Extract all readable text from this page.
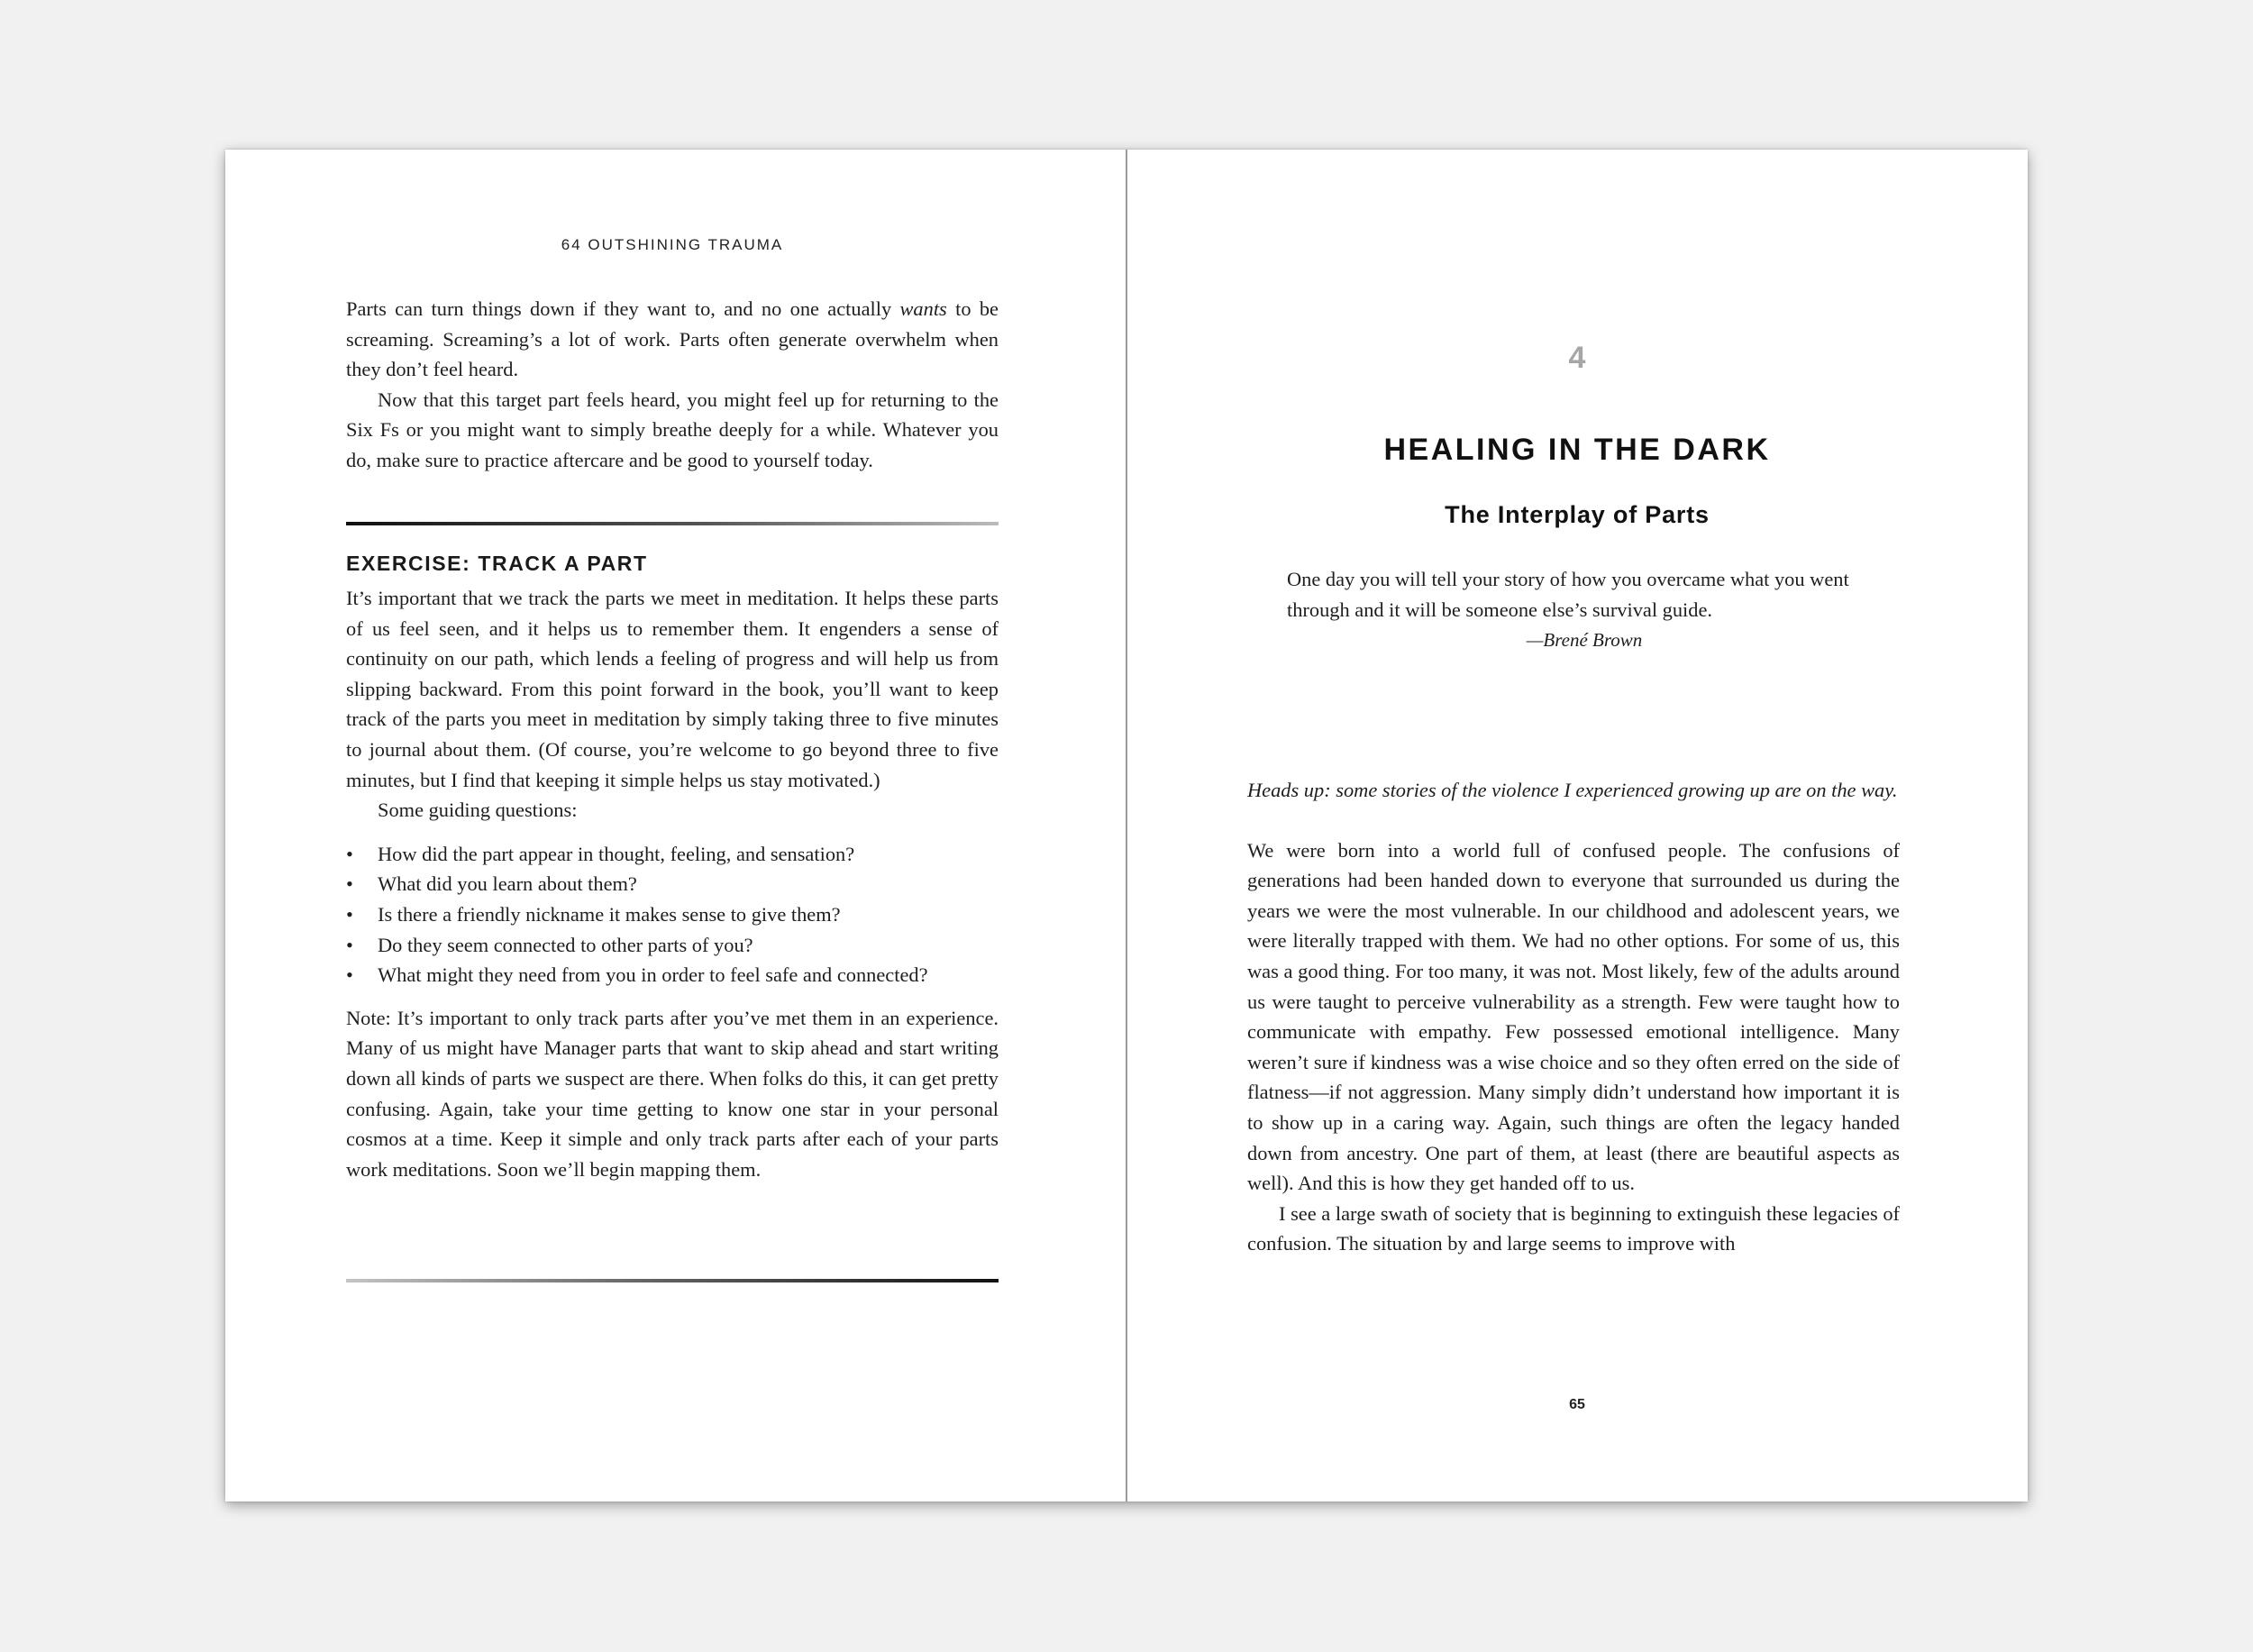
64 OUTSHINING TRAUMA

Parts can turn things down if they want to, and no one actually wants to be screaming. Screaming’s a lot of work. Parts often generate overwhelm when they don’t feel heard.

Now that this target part feels heard, you might feel up for returning to the Six Fs or you might want to simply breathe deeply for a while. Whatever you do, make sure to practice aftercare and be good to yourself today.

EXERCISE: TRACK A PART

It’s important that we track the parts we meet in meditation. It helps these parts of us feel seen, and it helps us to remember them. It engenders a sense of continuity on our path, which lends a feeling of progress and will help us from slipping backward. From this point forward in the book, you’ll want to keep track of the parts you meet in meditation by simply taking three to five minutes to journal about them. (Of course, you’re welcome to go beyond three to five minutes, but I find that keeping it simple helps us stay motivated.)

Some guiding questions:

• How did the part appear in thought, feeling, and sensation?
• What did you learn about them?
• Is there a friendly nickname it makes sense to give them?
• Do they seem connected to other parts of you?
• What might they need from you in order to feel safe and connected?

Note: It’s important to only track parts after you’ve met them in an experience. Many of us might have Manager parts that want to skip ahead and start writing down all kinds of parts we suspect are there. When folks do this, it can get pretty confusing. Again, take your time getting to know one star in your personal cosmos at a time. Keep it simple and only track parts after each of your parts work meditations. Soon we’ll begin mapping them.

4
HEALING IN THE DARK
The Interplay of Parts

One day you will tell your story of how you overcame what you went through and it will be someone else’s survival guide.

—Brené Brown

Heads up: some stories of the violence I experienced growing up are on the way.

We were born into a world full of confused people. The confusions of generations had been handed down to everyone that surrounded us during the years we were the most vulnerable. In our childhood and adolescent years, we were literally trapped with them. We had no other options. For some of us, this was a good thing. For too many, it was not. Most likely, few of the adults around us were taught to perceive vulnerability as a strength. Few were taught how to communicate with empathy. Few possessed emotional intelligence. Many weren’t sure if kindness was a wise choice and so they often erred on the side of flatness—if not aggression. Many simply didn’t understand how important it is to show up in a caring way. Again, such things are often the legacy handed down from ancestry. One part of them, at least (there are beautiful aspects as well). And this is how they get handed off to us.

I see a large swath of society that is beginning to extinguish these legacies of confusion. The situation by and large seems to improve with

65
